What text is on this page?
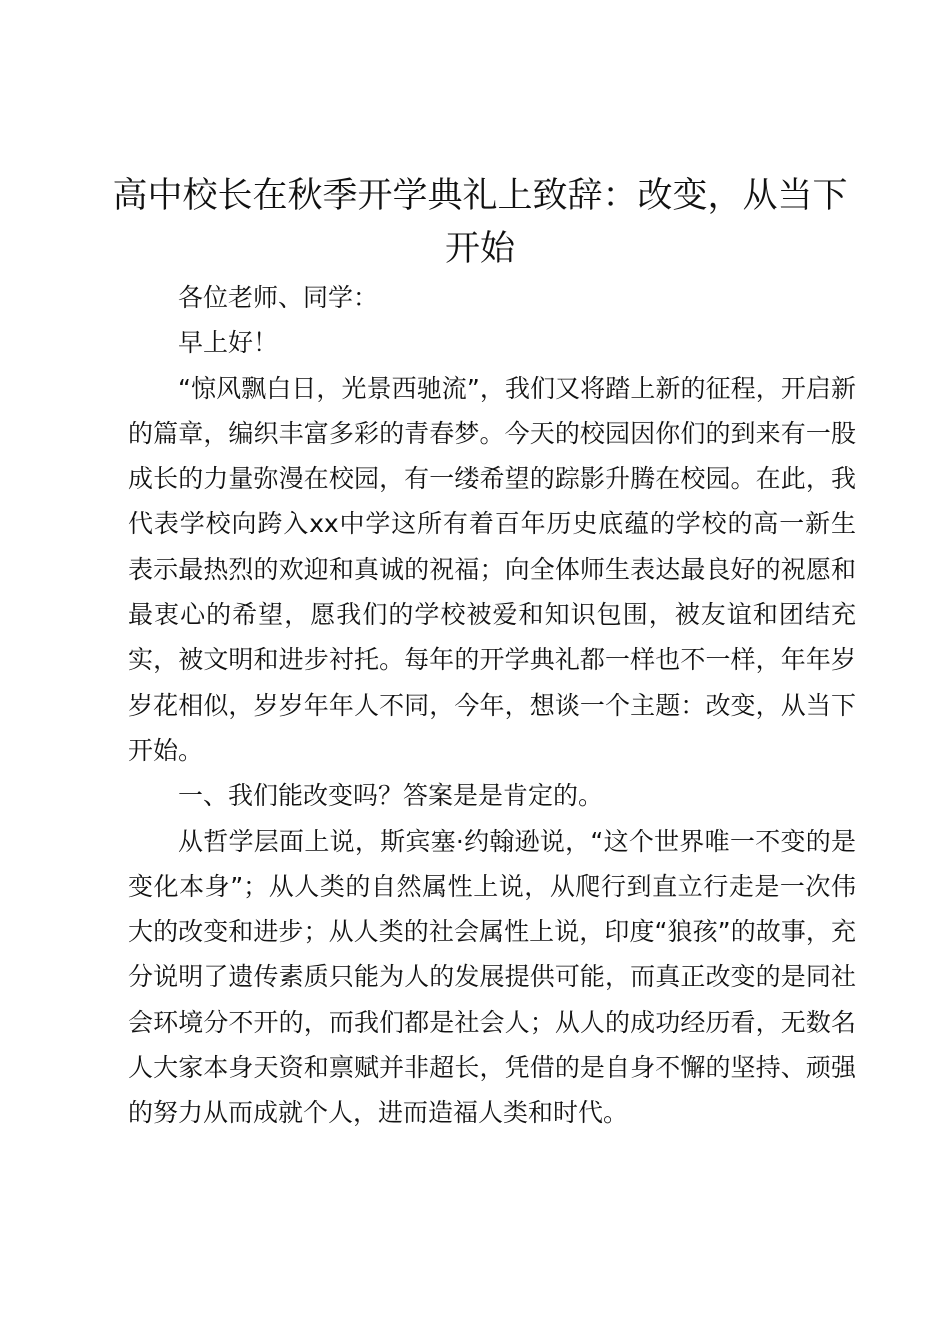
高中校长在秋季开学典礼上致辞：改变，从当下开始

各位老师、同学：

早上好！

“惊风飘白日，光景西驰流”，我们又将踏上新的征程，开启新的篇章，编织丰富多彩的青春梦。今天的校园因你们的到来有一股成长的力量弥漫在校园，有一缕希望的踪影升腾在校园。在此，我代表学校向跨入xx中学这所有着百年历史底蕴的学校的高一新生表示最热烈的欢迎和真诚的祝福；向全体师生表达最良好的祝愿和最衷心的希望，愿我们的学校被爱和知识包围，被友谊和团结充实，被文明和进步衬托。每年的开学典礼都一样也不一样，年年岁岁花相似，岁岁年年人不同，今年，想谈一个主题：改变，从当下开始。

一、我们能改变吗？答案是是肯定的。

从哲学层面上说，斯宾塞·约翰逊说，“这个世界唯一不变的是变化本身”；从人类的自然属性上说，从爬行到直立行走是一次伟大的改变和进步；从人类的社会属性上说，印度“狼孩”的故事，充分说明了遗传素质只能为人的发展提供可能，而真正改变的是同社会环境分不开的，而我们都是社会人；从人的成功经历看，无数名人大家本身天资和禀赋并非超长，凭借的是自身不懈的坚持、顽强的努力从而成就个人，进而造福人类和时代。
